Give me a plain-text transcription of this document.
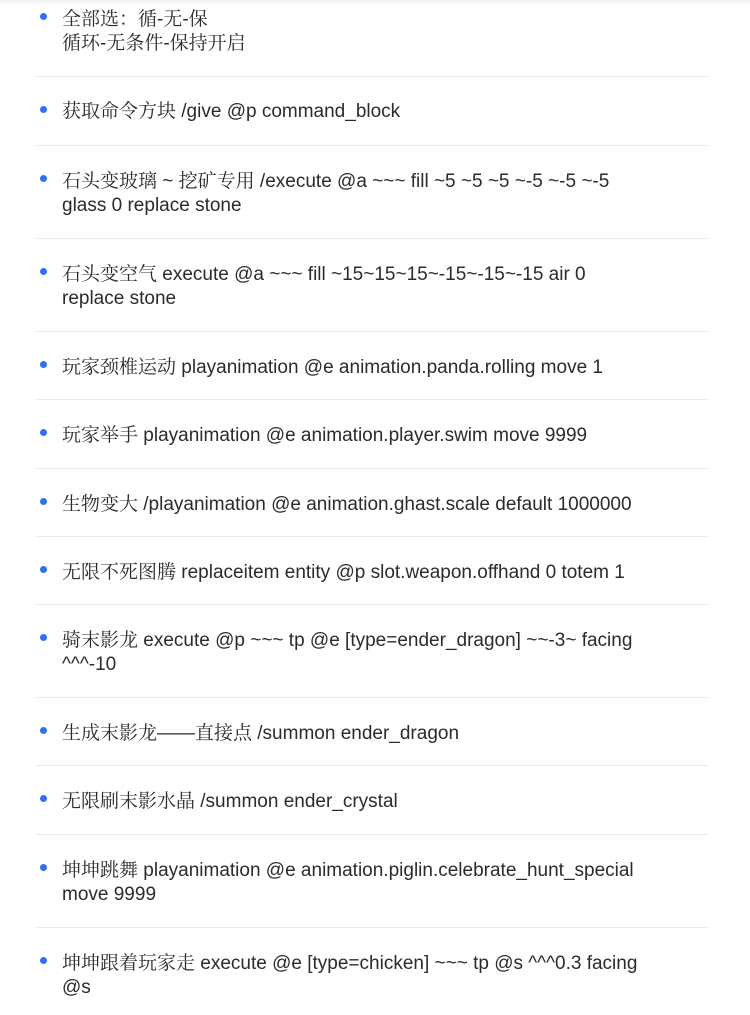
全部选：循-无-保
循环-无条件-保持开启
获取命令方块 /give @p command_block
石头变玻璃 ~ 挖矿专用 /execute @a ~~~ fill ~5 ~5 ~5 ~-5 ~-5 ~-5
glass 0 replace stone
石头变空气 execute @a ~~~ fill ~15~15~15~-15~-15~-15 air 0
replace stone
玩家颈椎运动 playanimation @e animation.panda.rolling move 1
玩家举手 playanimation @e animation.player.swim move 9999
生物变大 /playanimation @e animation.ghast.scale default 1000000
无限不死图腾 replaceitem entity @p slot.weapon.offhand 0 totem 1
骑末影龙 execute @p ~~~ tp @e [type=ender_dragon] ~~-3~ facing
^^^-10
生成末影龙——直接点 /summon ender_dragon
无限刷末影水晶 /summon ender_crystal
坤坤跳舞 playanimation @e animation.piglin.celebrate_hunt_special
move 9999
坤坤跟着玩家走 execute @e [type=chicken] ~~~ tp @s ^^^0.3 facing
@s
